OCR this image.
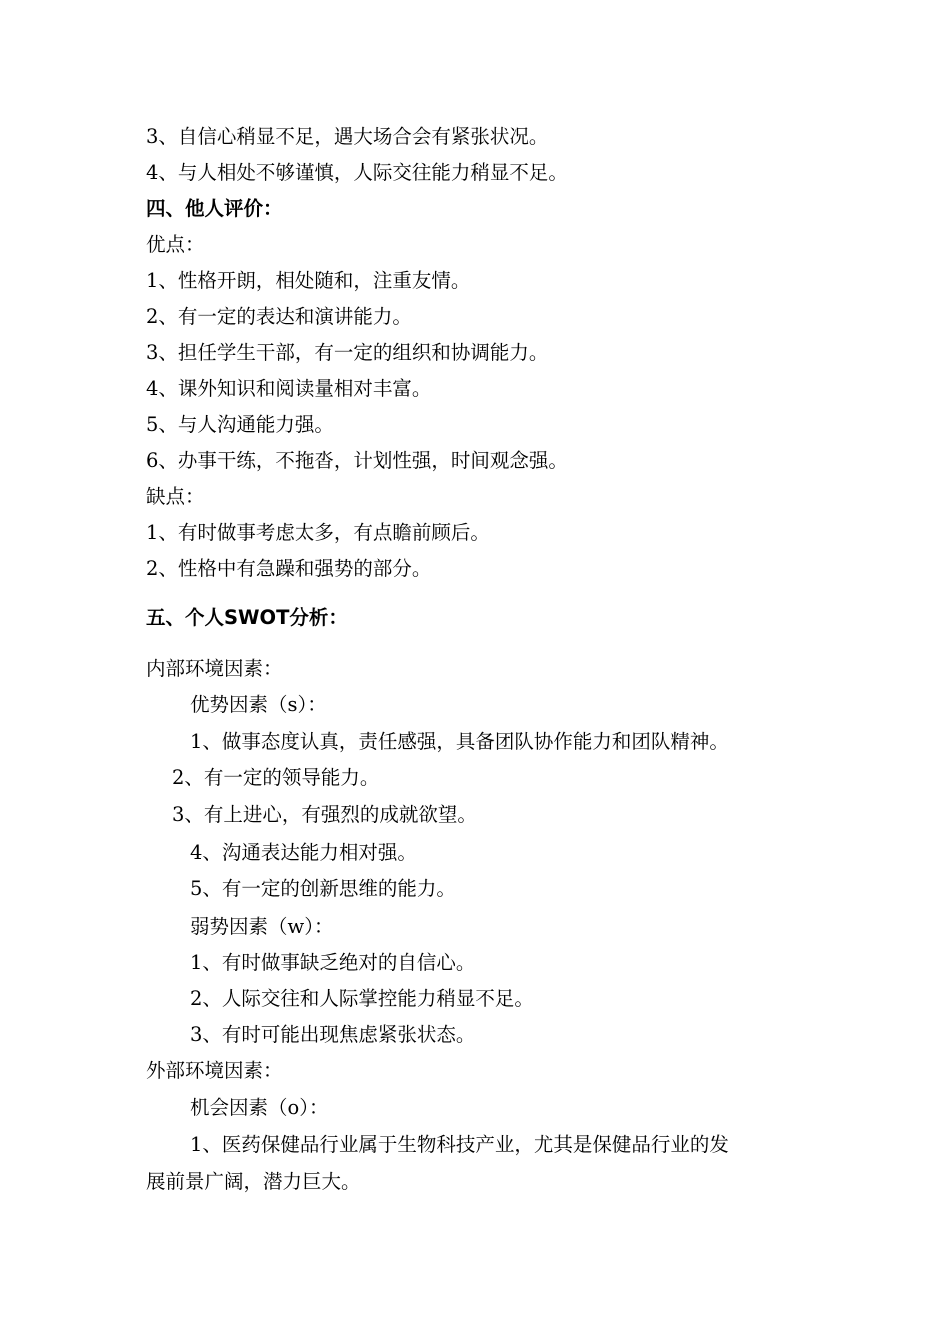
3、自信心稍显不足，遇大场合会有紧张状况。
4、与人相处不够谨慎，人际交往能力稍显不足。
四、他人评价：
优点：
1、性格开朗，相处随和，注重友情。
2、有一定的表达和演讲能力。
3、担任学生干部，有一定的组织和协调能力。
4、课外知识和阅读量相对丰富。
5、与人沟通能力强。
6、办事干练，不拖沓，计划性强，时间观念强。
缺点：
1、有时做事考虑太多，有点瞻前顾后。
2、性格中有急躁和强势的部分。
五、个人SWOT分析：
内部环境因素：
优势因素（s）：
1、做事态度认真，责任感强，具备团队协作能力和团队精神。
2、有一定的领导能力。
3、有上进心，有强烈的成就欲望。
4、沟通表达能力相对强。
5、有一定的创新思维的能力。
弱势因素（w）：
1、有时做事缺乏绝对的自信心。
2、人际交往和人际掌控能力稍显不足。
3、有时可能出现焦虑紧张状态。
外部环境因素：
机会因素（o）：
1、医药保健品行业属于生物科技产业，尤其是保健品行业的发
展前景广阔，潜力巨大。
